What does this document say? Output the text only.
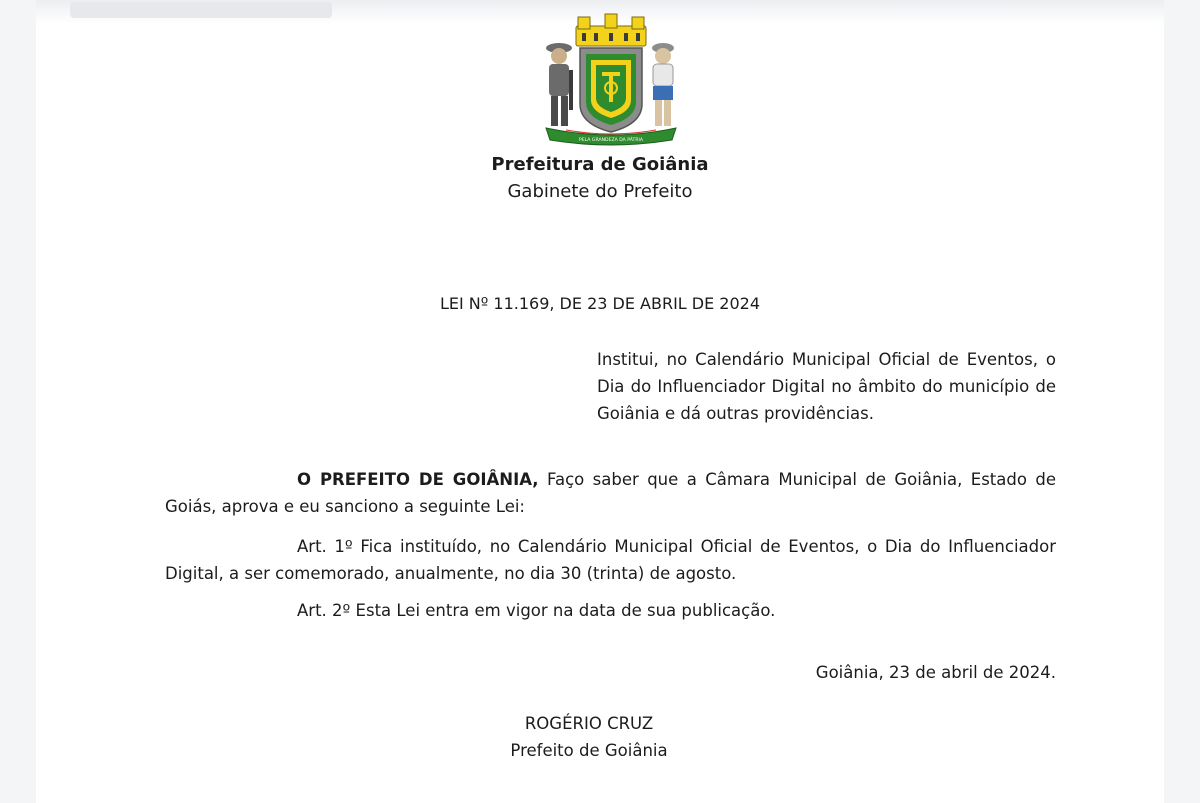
PELA GRANDEZA DA PÁTRIA
Prefeitura de Goiânia
Gabinete do Prefeito
LEI Nº 11.169, DE 23 DE ABRIL DE 2024
Institui, no Calendário Municipal Oficial de Eventos, o Dia do Influenciador Digital no âmbito do município de Goiânia e dá outras providências.
O PREFEITO DE GOIÂNIA, Faço saber que a Câmara Municipal de Goiânia, Estado de Goiás, aprova e eu sanciono a seguinte Lei:
Art. 1º Fica instituído, no Calendário Municipal Oficial de Eventos, o Dia do Influenciador Digital, a ser comemorado, anualmente, no dia 30 (trinta) de agosto.
Art. 2º Esta Lei entra em vigor na data de sua publicação.
Goiânia, 23 de abril de 2024.
ROGÉRIO CRUZ
Prefeito de Goiânia
